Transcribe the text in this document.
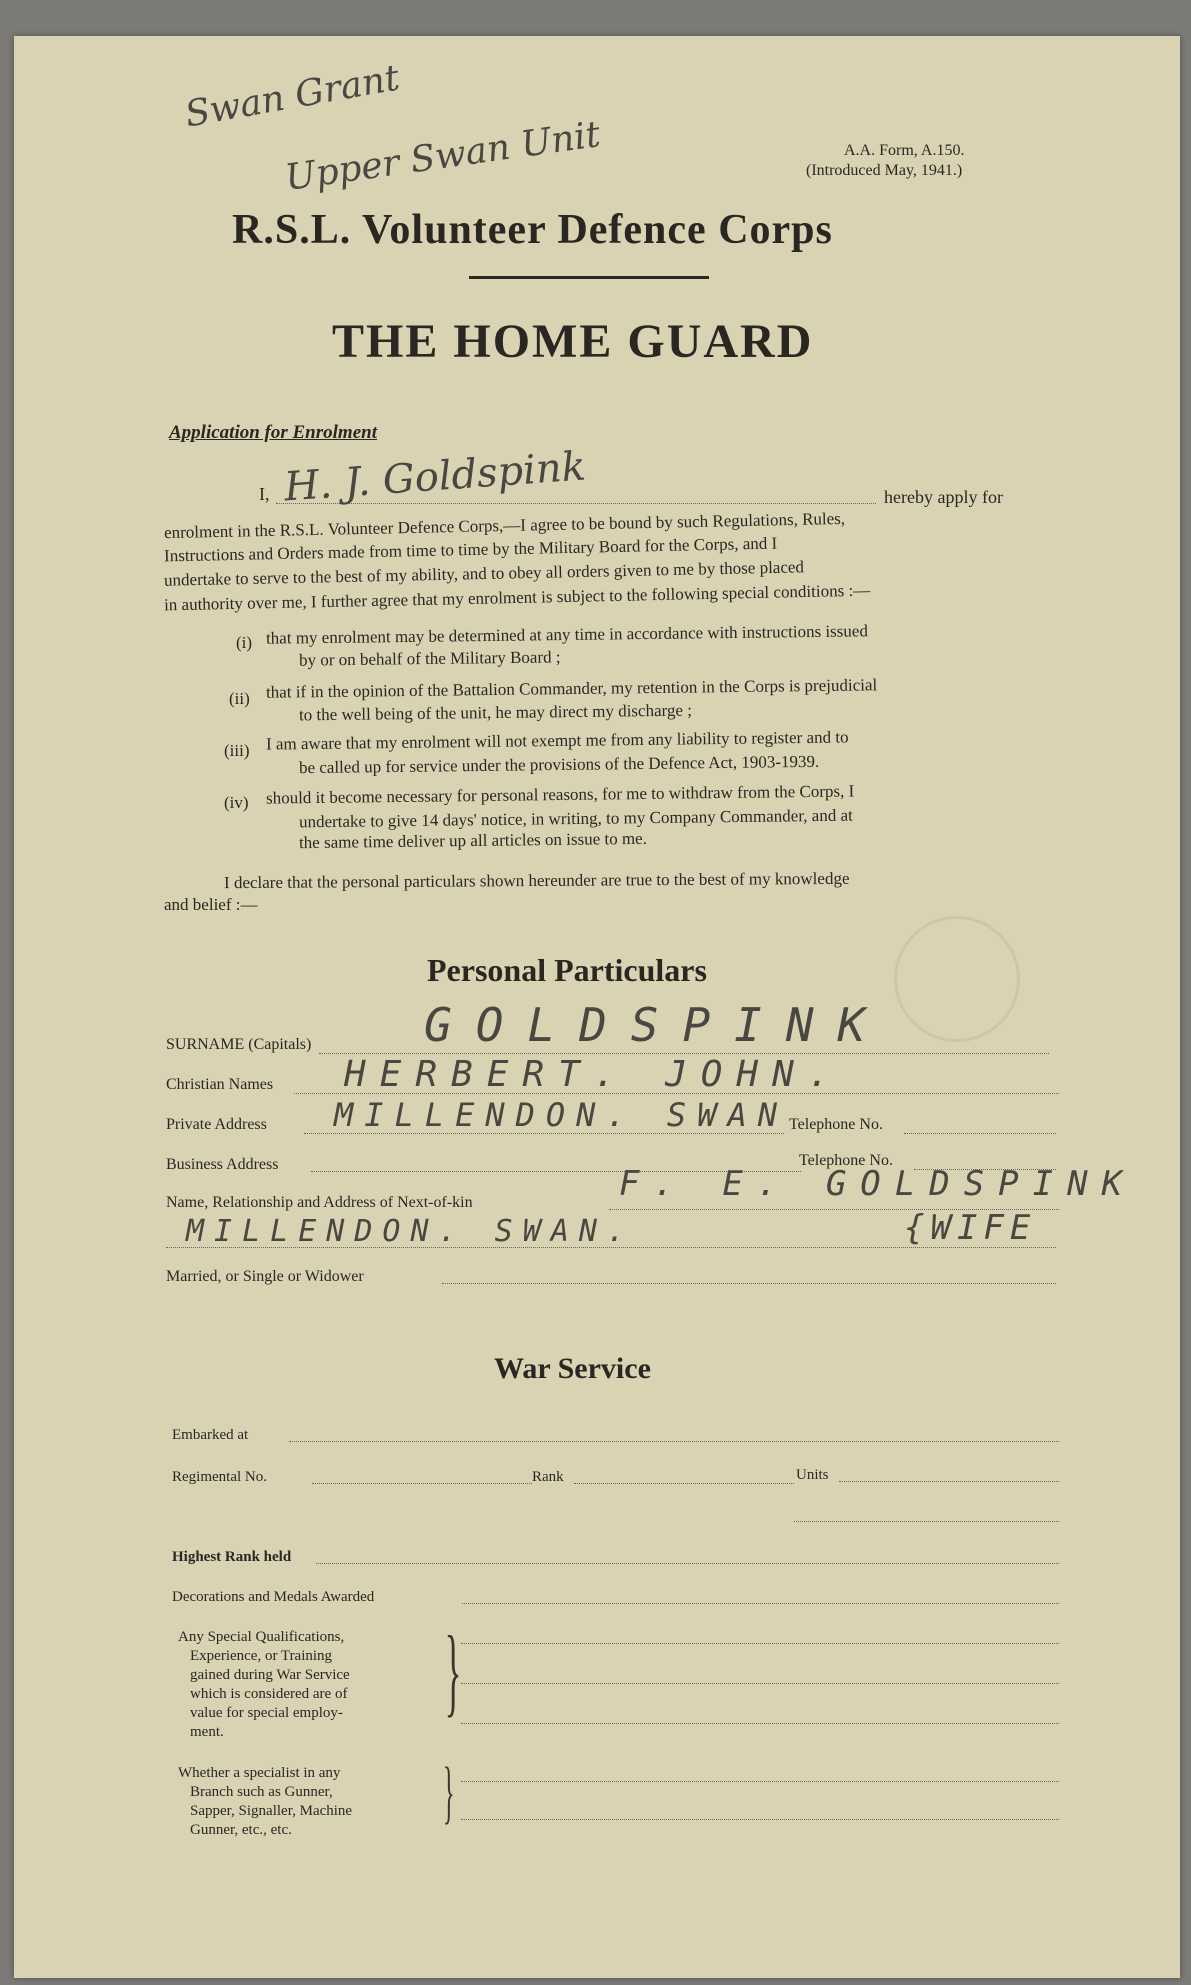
Swan Grant
Upper Swan Unit	A.A. Form, A.150.
(Introduced May, 1941.)
R.S.L. Volunteer Defence Corps
THE HOME GUARD
Application for Enrolment
I, H. J. Goldspink	hereby apply for
enrolment in the R.S.L. Volunteer Defence Corps,—I agree to be bound by such Regulations, Rules,
Instructions and Orders made from time to time by the Military Board for the Corps, and I
undertake to serve to the best of my ability, and to obey all orders given to me by those placed
in authority over me, I further agree that my enrolment is subject to the following special conditions :—
(i) that my enrolment may be determined at any time in accordance with instructions issued
by or on behalf of the Military Board ;
(ii) that if in the opinion of the Battalion Commander, my retention in the Corps is prejudicial
to the well being of the unit, he may direct my discharge ;
(iii) I am aware that my enrolment will not exempt me from any liability to register and to
be called up for service under the provisions of the Defence Act, 1903-1939.
(iv) should it become necessary for personal reasons, for me to withdraw from the Corps, I
undertake to give 14 days' notice, in writing, to my Company Commander, and at
the same time deliver up all articles on issue to me.
I declare that the personal particulars shown hereunder are true to the best of my knowledge
and belief :—
Personal Particulars
SURNAME (Capitals) GOLDSPINK
Christian Names HERBERT. JOHN.
Private Address MILLENDON. SWAN Telephone No.
Business Address	Telephone No.
Name, Relationship and Address of Next-of-kin	F. E. GOLDSPINK
MILLENDON. SWAN.	{WIFE
Married, or Single or Widower
War Service
Embarked at
Regimental No.	Rank	Units
Highest Rank held
Decorations and Medals Awarded
Any Special Qualifications,
Experience, or Training
gained during War Service
which is considered are of
value for special employ-
ment.
}
Whether a specialist in any
Branch such as Gunner,
Sapper, Signaller, Machine
Gunner, etc., etc.	}
